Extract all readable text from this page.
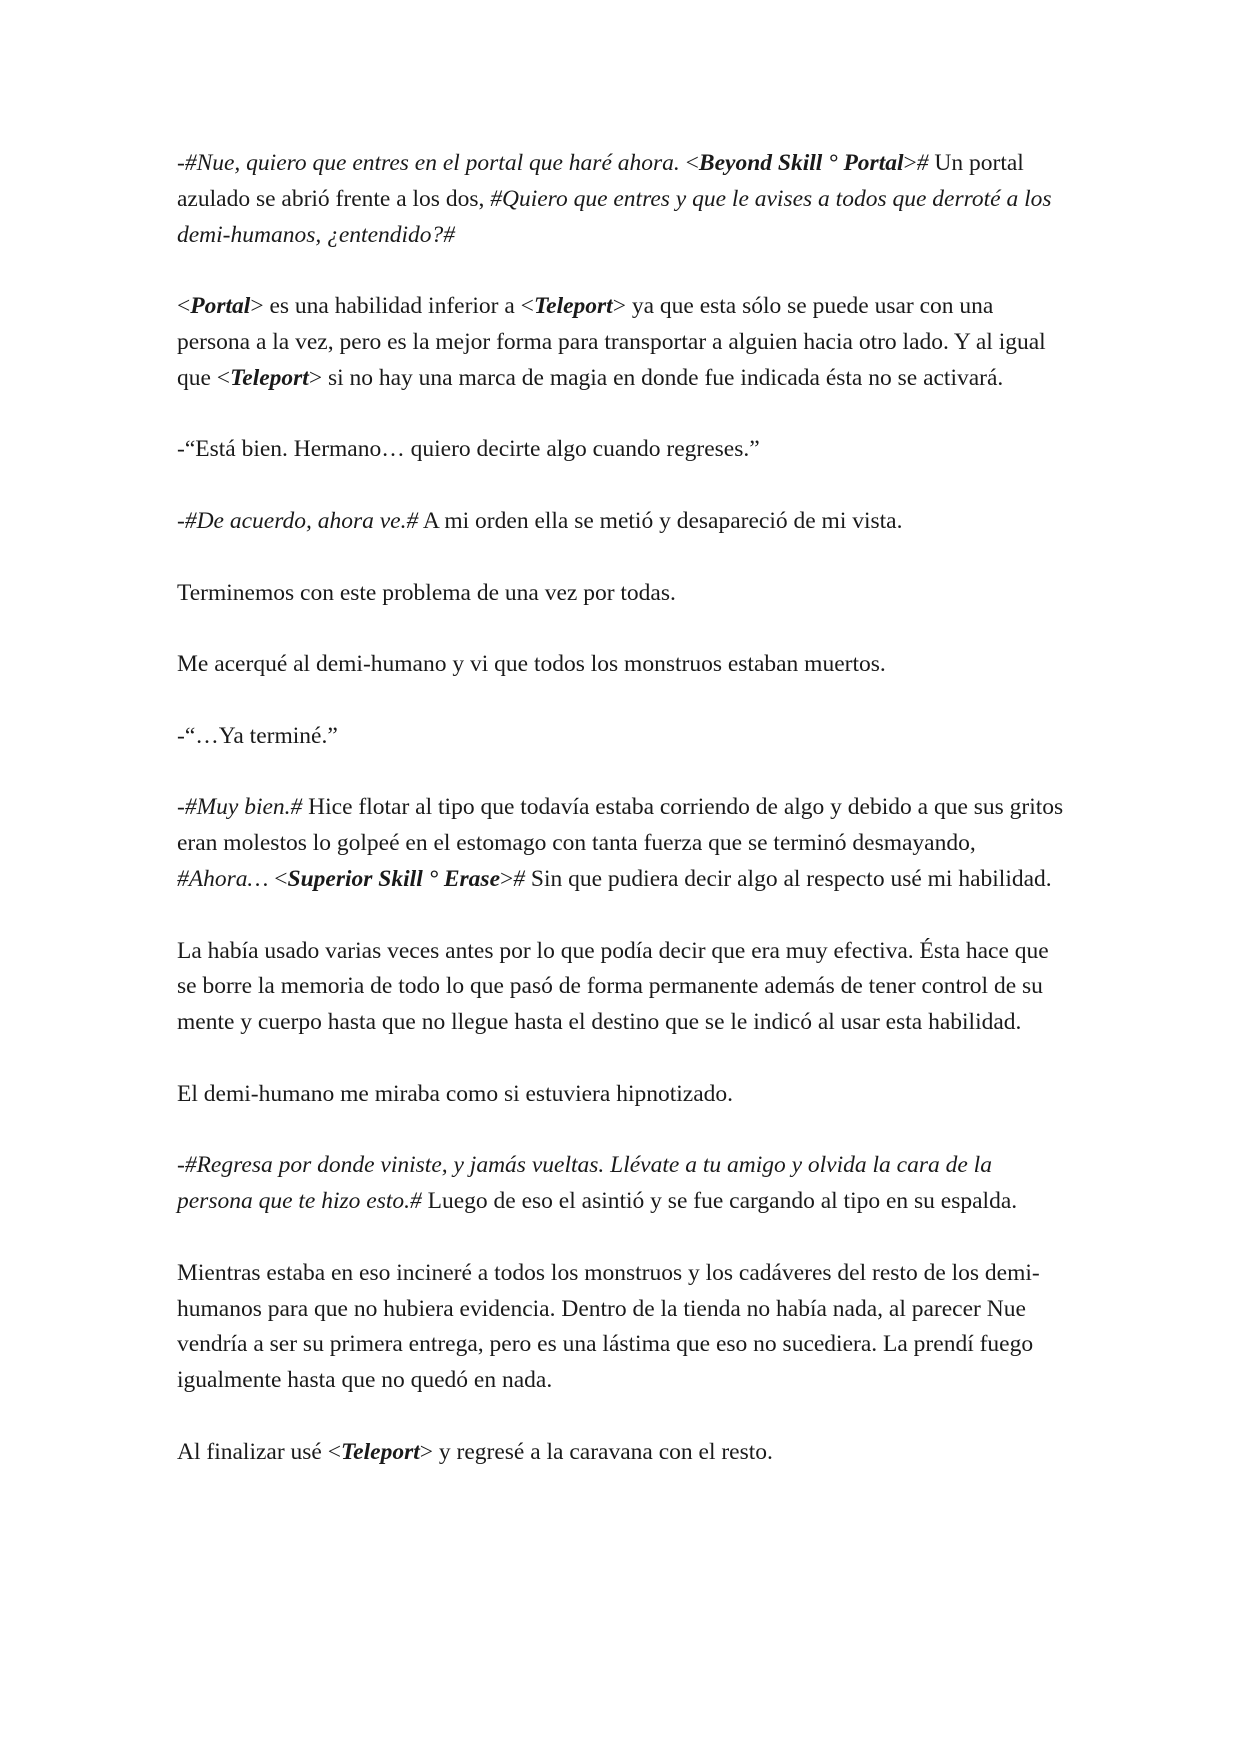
-#Nue, quiero que entres en el portal que haré ahora. <Beyond Skill ° Portal># Un portal azulado se abrió frente a los dos, #Quiero que entres y que le avises a todos que derroté a los demi-humanos, ¿entendido?#

<Portal> es una habilidad inferior a <Teleport> ya que esta sólo se puede usar con una persona a la vez, pero es la mejor forma para transportar a alguien hacia otro lado. Y al igual que <Teleport> si no hay una marca de magia en donde fue indicada ésta no se activará.

-“Está bien. Hermano… quiero decirte algo cuando regreses.”

-#De acuerdo, ahora ve.# A mi orden ella se metió y desapareció de mi vista.

Terminemos con este problema de una vez por todas.

Me acerqué al demi-humano y vi que todos los monstruos estaban muertos.

-“…Ya terminé.”

-#Muy bien.# Hice flotar al tipo que todavía estaba corriendo de algo y debido a que sus gritos eran molestos lo golpeé en el estomago con tanta fuerza que se terminó desmayando, #Ahora… <Superior Skill ° Erase># Sin que pudiera decir algo al respecto usé mi habilidad.

La había usado varias veces antes por lo que podía decir que era muy efectiva. Ésta hace que se borre la memoria de todo lo que pasó de forma permanente además de tener control de su mente y cuerpo hasta que no llegue hasta el destino que se le indicó al usar esta habilidad.

El demi-humano me miraba como si estuviera hipnotizado.

-#Regresa por donde viniste, y jamás vueltas. Llévate a tu amigo y olvida la cara de la persona que te hizo esto.# Luego de eso el asintió y se fue cargando al tipo en su espalda.

Mientras estaba en eso incineré a todos los monstruos y los cadáveres del resto de los demi-humanos para que no hubiera evidencia. Dentro de la tienda no había nada, al parecer Nue vendría a ser su primera entrega, pero es una lástima que eso no sucediera. La prendí fuego igualmente hasta que no quedó en nada.

Al finalizar usé <Teleport> y regresé a la caravana con el resto.
